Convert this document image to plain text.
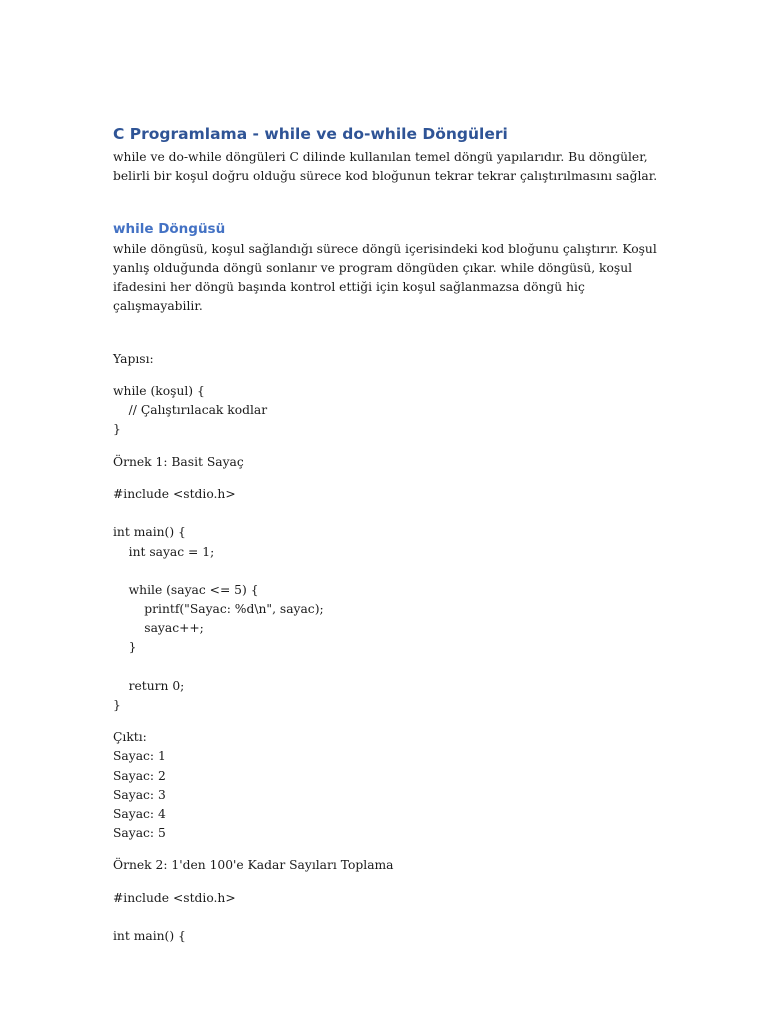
C Programlama - while ve do-while Döngüleri
while ve do-while döngüleri C dilinde kullanılan temel döngü yapılarıdır. Bu döngüler,
belirli bir koşul doğru olduğu sürece kod bloğunun tekrar tekrar çalıştırılmasını sağlar.
while Döngüsü
while döngüsü, koşul sağlandığı sürece döngü içerisindeki kod bloğunu çalıştırır. Koşul
yanlış olduğunda döngü sonlanır ve program döngüden çıkar. while döngüsü, koşul
ifadesini her döngü başında kontrol ettiği için koşul sağlanmazsa döngü hiç çalışmayabilir.

Yapısı:

while (koşul) {
// Çalıştırılacak kodlar
}

Örnek 1: Basit Sayaç

#include <stdio.h>
int main() {
int sayac = 1;
while (sayac <= 5) {
printf("Sayac: %d\n", sayac);
sayac++;
}
return 0;
}
Çıktı:
Sayac: 1
Sayac: 2
Sayac: 3
Sayac: 4
Sayac: 5

Örnek 2: 1'den 100'e Kadar Sayıları Toplama

#include <stdio.h>
int main() {
